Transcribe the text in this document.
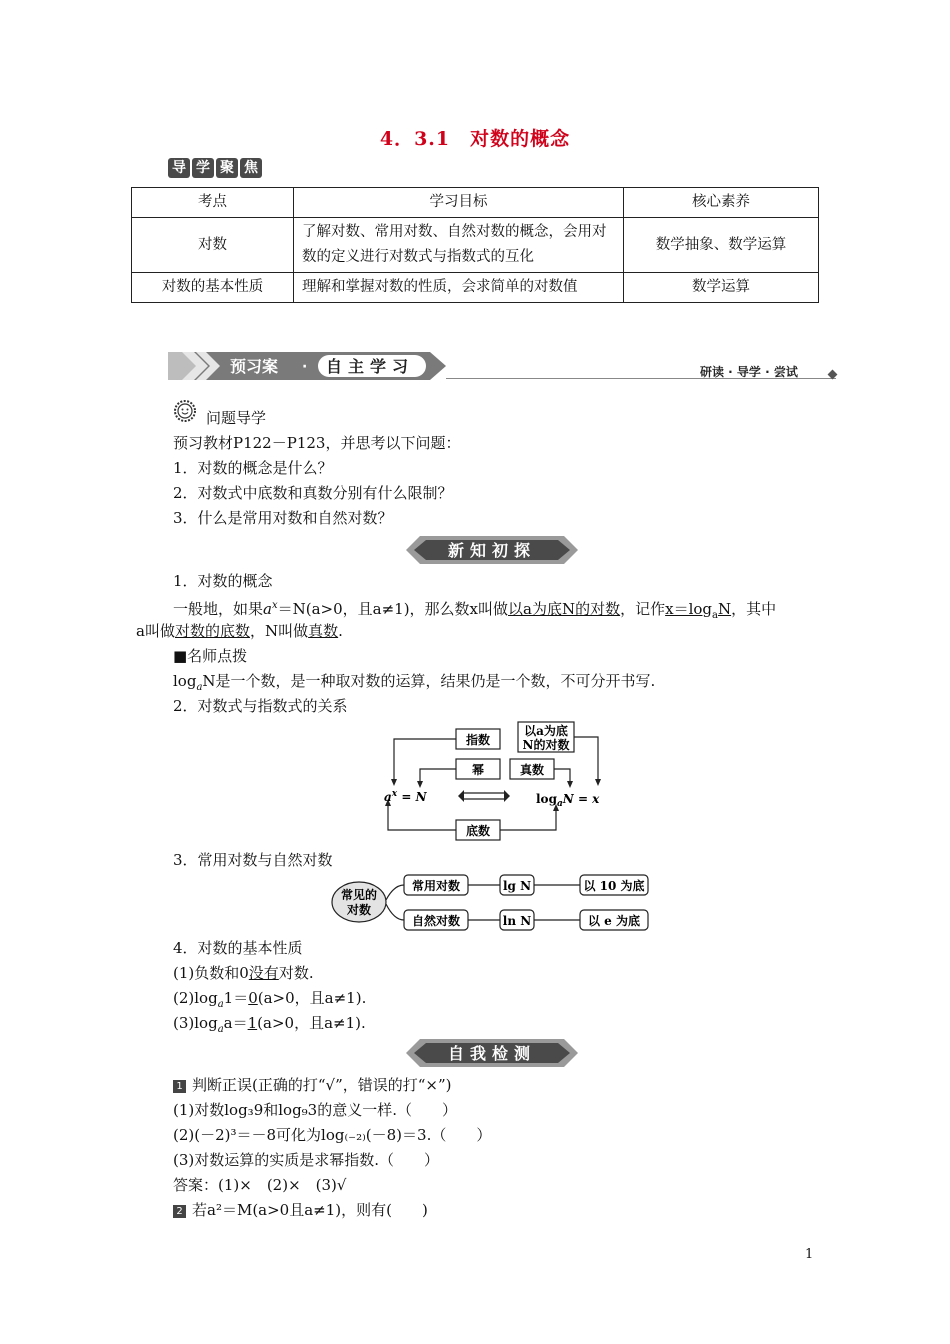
4．3.1　对数的概念
导 学 聚 焦
考点	学习目标	核心素养
对数	了解对数、常用对数、自然对数的概念，会用对数的定义进行对数式与指数式的互化	数学抽象、数学运算
对数的基本性质	理解和掌握对数的性质，会求简单的对数值	数学运算
预习案 · 自主学习	研读 · 导学 · 尝试
问题导学
预习教材P122－P123，并思考以下问题：
1．对数的概念是什么？
2．对数式中底数和真数分别有什么限制？
3．什么是常用对数和自然对数？
新知初探
1．对数的概念
一般地，如果$a^x=N(a>0$，且a≠1)，那么数x叫做以a为底N的对数，记作$x=\log_aN$，其中
a叫做对数的底数，N叫做真数.
■名师点拨
$\log_aN$是一个数，是一种取对数的运算，结果仍是一个数，不可分开书写.
2．对数式与指数式的关系
指数
以a为底
N的对数
幂	真数
底数
$a^x = N$	$\log_aN = x$
3．常用对数与自然对数
常见的
对数
常用对数	lg N	以 10 为底
自然对数	ln N	以 e 为底
4．对数的基本性质
(1)负数和0没有对数.
$(2)\log_a1=0(a>0$，且a≠1).
$(3)\log_aa=1(a>0$，且a≠1).
自我检测
1 判断正误(正确的打“√”，错误的打“×”)
(1)对数log₃9和log₉3的意义一样.（　　）
(2)(－2)³＝－8可化为log₍₋₂₎(－8)＝3.（　　）
(3)对数运算的实质是求幂指数.（　　）
答案：(1)×　(2)×　(3)√
2 若a²＝M(a>0且a≠1)，则有(　　)
1
